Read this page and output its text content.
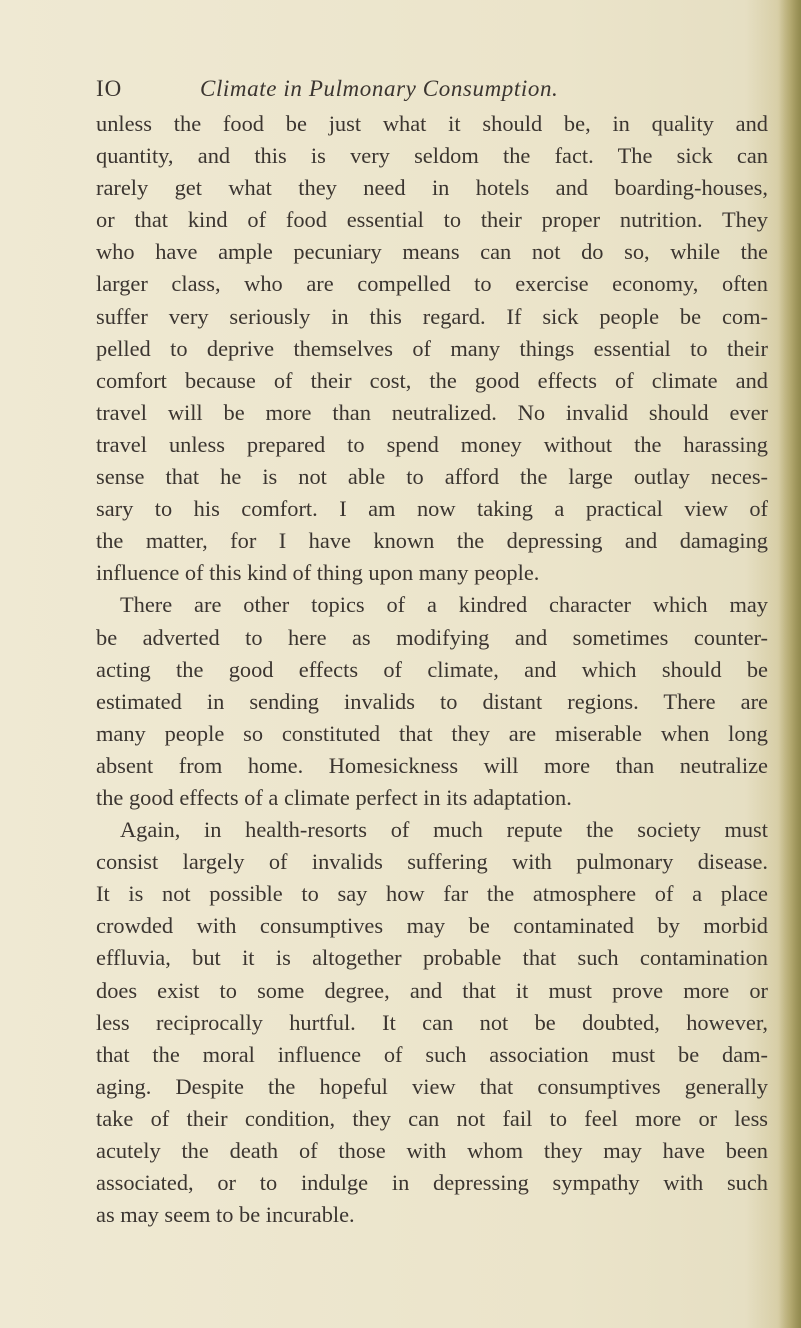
IO	Climate in Pulmonary Consumption.
unless the food be just what it should be, in quality and
quantity, and this is very seldom the fact. The sick can
rarely get what they need in hotels and boarding-houses,
or that kind of food essential to their proper nutrition. They
who have ample pecuniary means can not do so, while the
larger class, who are compelled to exercise economy, often
suffer very seriously in this regard. If sick people be com-
pelled to deprive themselves of many things essential to their
comfort because of their cost, the good effects of climate and
travel will be more than neutralized. No invalid should ever
travel unless prepared to spend money without the harassing
sense that he is not able to afford the large outlay neces-
sary to his comfort. I am now taking a practical view of
the matter, for I have known the depressing and damaging
influence of this kind of thing upon many people.
There are other topics of a kindred character which may
be adverted to here as modifying and sometimes counter-
acting the good effects of climate, and which should be
estimated in sending invalids to distant regions. There are
many people so constituted that they are miserable when long
absent from home. Homesickness will more than neutralize
the good effects of a climate perfect in its adaptation.
Again, in health-resorts of much repute the society must
consist largely of invalids suffering with pulmonary disease.
It is not possible to say how far the atmosphere of a place
crowded with consumptives may be contaminated by morbid
effluvia, but it is altogether probable that such contamination
does exist to some degree, and that it must prove more or
less reciprocally hurtful. It can not be doubted, however,
that the moral influence of such association must be dam-
aging. Despite the hopeful view that consumptives generally
take of their condition, they can not fail to feel more or less
acutely the death of those with whom they may have been
associated, or to indulge in depressing sympathy with such
as may seem to be incurable.
